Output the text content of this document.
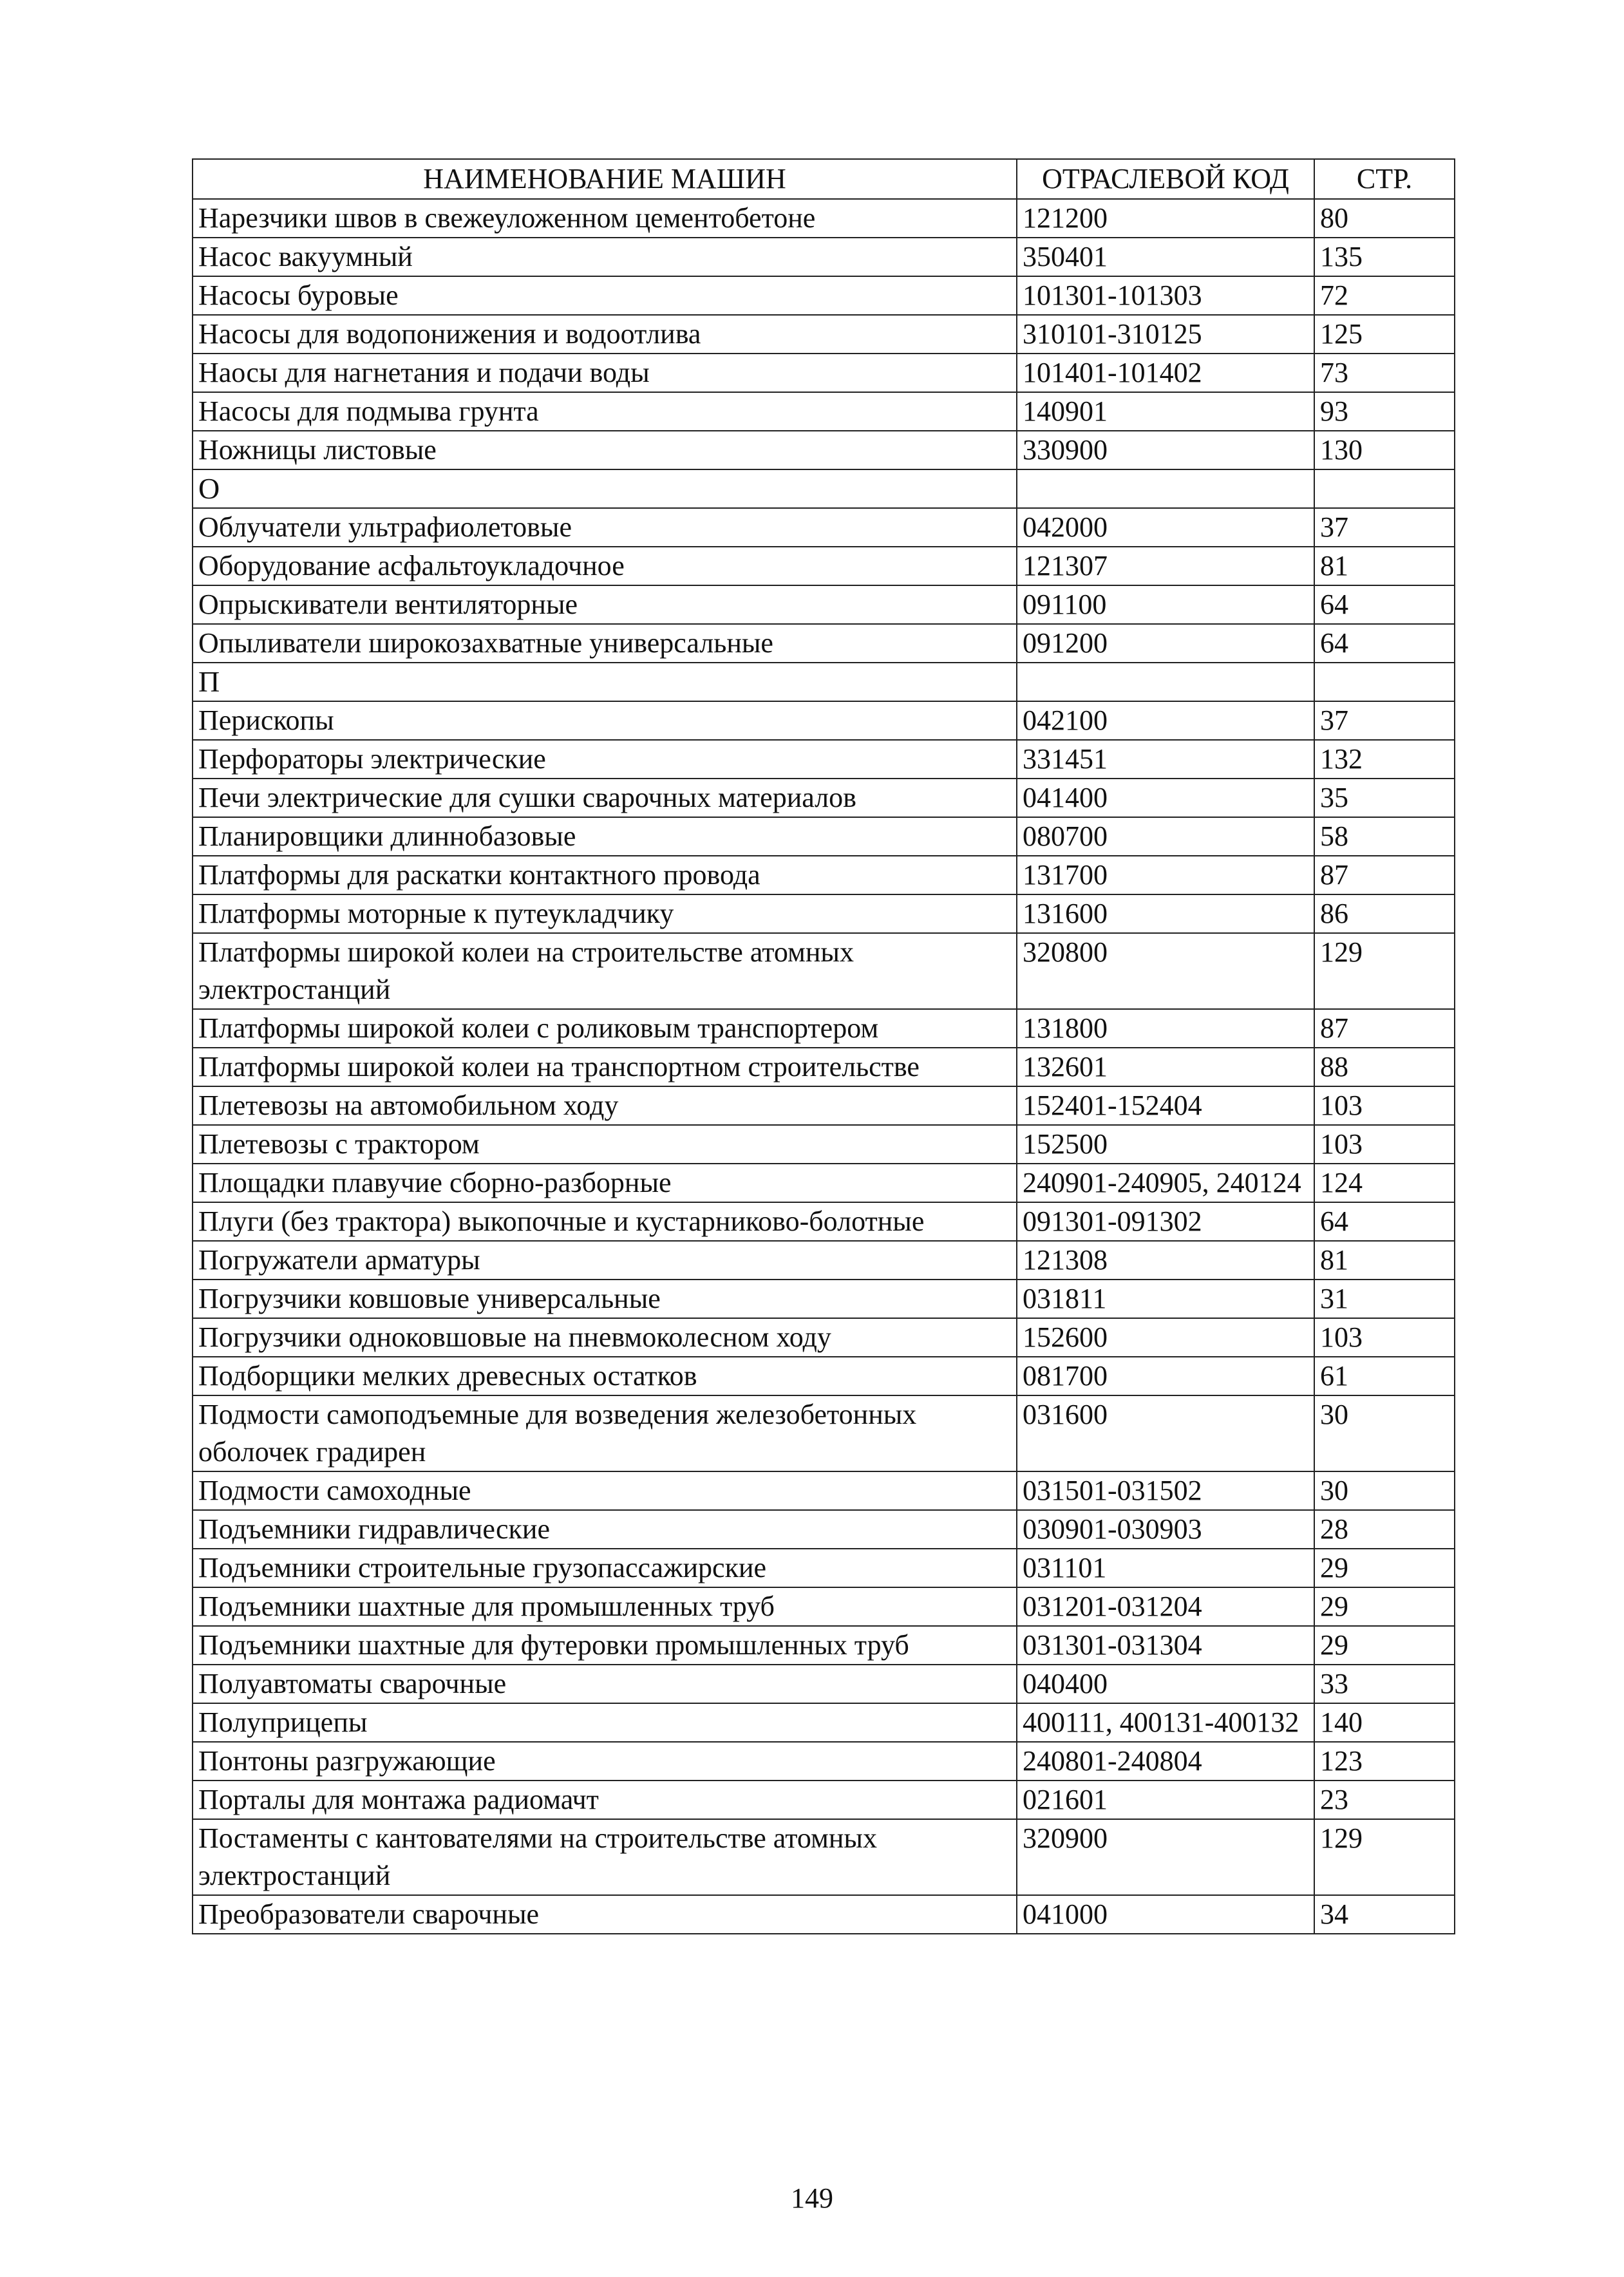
НАИМЕНОВАНИЕ МАШИН	ОТРАСЛЕВОЙ КОД	СТР.
Нарезчики швов в свежеуложенном цементобетоне	121200	80
Насос вакуумный	350401	135
Насосы буровые	101301-101303	72
Насосы для водопонижения и водоотлива	310101-310125	125
Наосы для нагнетания и подачи воды	101401-101402	73
Насосы для подмыва грунта	140901	93
Ножницы листовые	330900	130
О		
Облучатели ультрафиолетовые	042000	37
Оборудование асфальтоукладочное	121307	81
Опрыскиватели вентиляторные	091100	64
Опыливатели широкозахватные универсальные	091200	64
П		
Перископы	042100	37
Перфораторы электрические	331451	132
Печи электрические для сушки сварочных материалов	041400	35
Планировщики длиннобазовые	080700	58
Платформы для раскатки контактного провода	131700	87
Платформы моторные к путеукладчику	131600	86
Платформы широкой колеи на строительстве атомных электростанций	320800	129
Платформы широкой колеи с роликовым транспортером	131800	87
Платформы широкой колеи на транспортном строительстве	132601	88
Плетевозы на автомобильном ходу	152401-152404	103
Плетевозы с трактором	152500	103
Площадки плавучие сборно-разборные	240901-240905, 240124	124
Плуги (без трактора) выкопочные и кустарниково-болотные	091301-091302	64
Погружатели арматуры	121308	81
Погрузчики ковшовые универсальные	031811	31
Погрузчики одноковшовые на пневмоколесном ходу	152600	103
Подборщики мелких древесных остатков	081700	61
Подмости самоподъемные для возведения железобетонных оболочек градирен	031600	30
Подмости самоходные	031501-031502	30
Подъемники гидравлические	030901-030903	28
Подъемники строительные грузопассажирские	031101	29
Подъемники шахтные для промышленных труб	031201-031204	29
Подъемники шахтные для футеровки промышленных труб	031301-031304	29
Полуавтоматы сварочные	040400	33
Полуприцепы	400111, 400131-400132	140
Понтоны разгружающие	240801-240804	123
Порталы для монтажа радиомачт	021601	23
Постаменты с кантователями на строительстве атомных электростанций	320900	129
Преобразователи сварочные	041000	34
149
